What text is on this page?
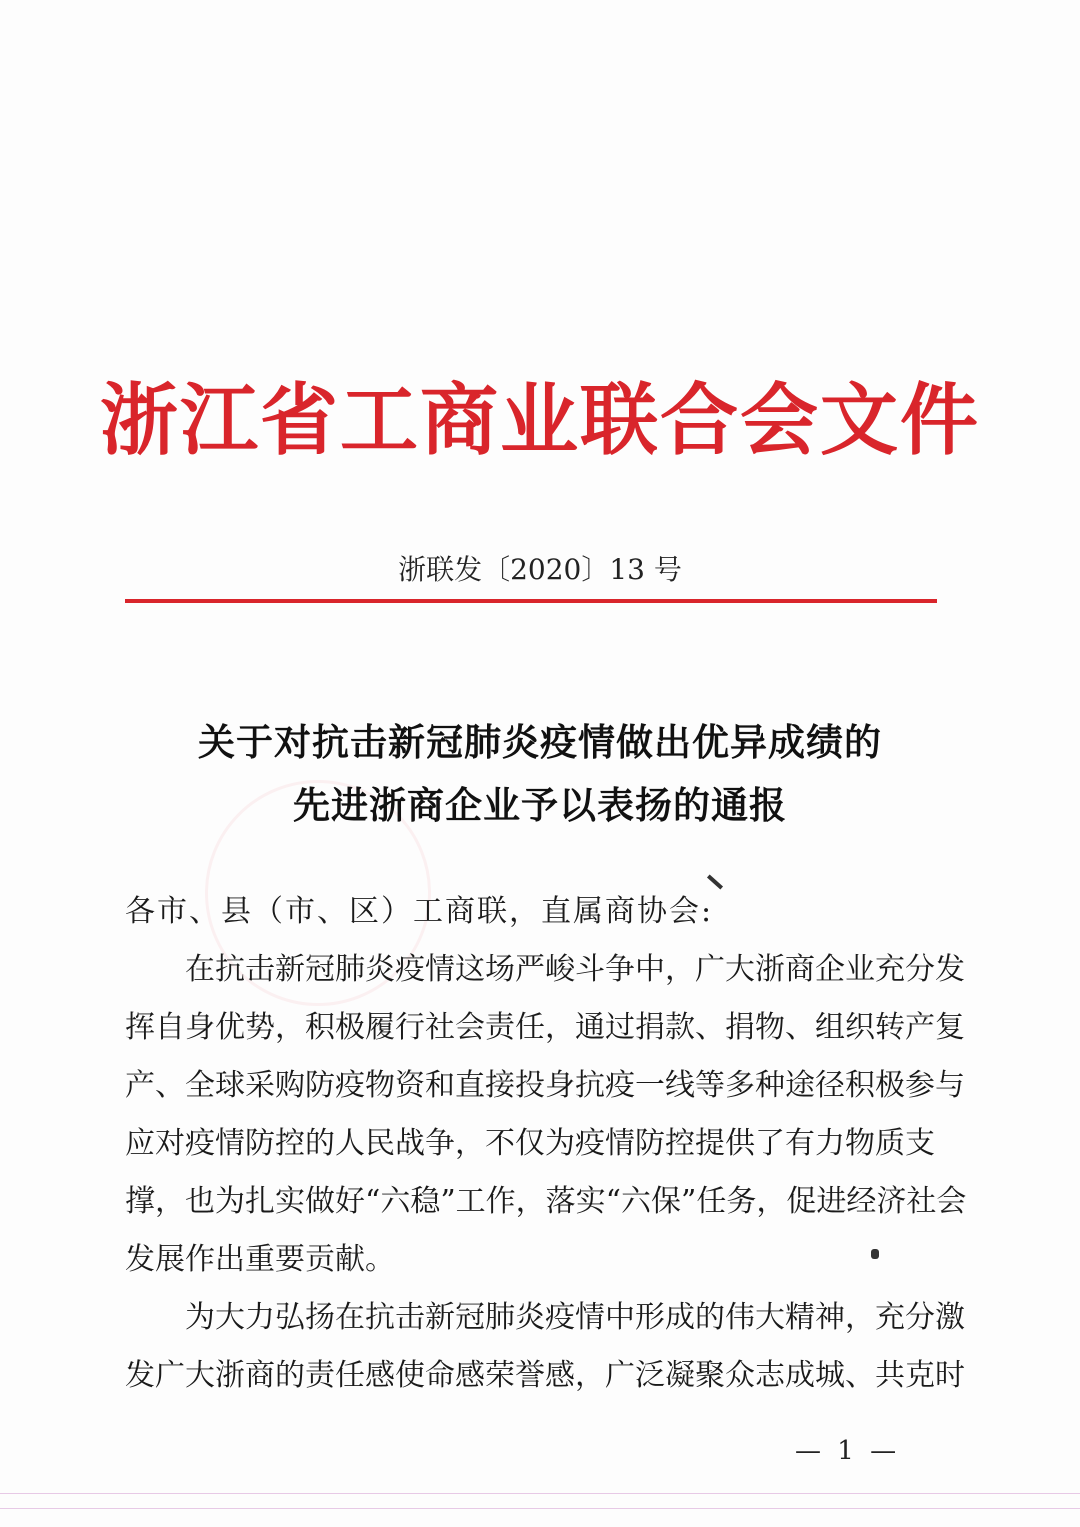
浙江省工商业联合会文件
浙联发〔2020〕13 号
关于对抗击新冠肺炎疫情做出优异成绩的
先进浙商企业予以表扬的通报
各市、县（市、区）工商联，直属商协会:
在抗击新冠肺炎疫情这场严峻斗争中，广大浙商企业充分发
挥自身优势，积极履行社会责任，通过捐款、捐物、组织转产复
产、全球采购防疫物资和直接投身抗疫一线等多种途径积极参与
应对疫情防控的人民战争，不仅为疫情防控提供了有力物质支
撑，也为扎实做好“六稳”工作，落实“六保”任务，促进经济社会
发展作出重要贡献。
为大力弘扬在抗击新冠肺炎疫情中形成的伟大精神，充分激
发广大浙商的责任感使命感荣誉感，广泛凝聚众志成城、共克时
— 1 —
